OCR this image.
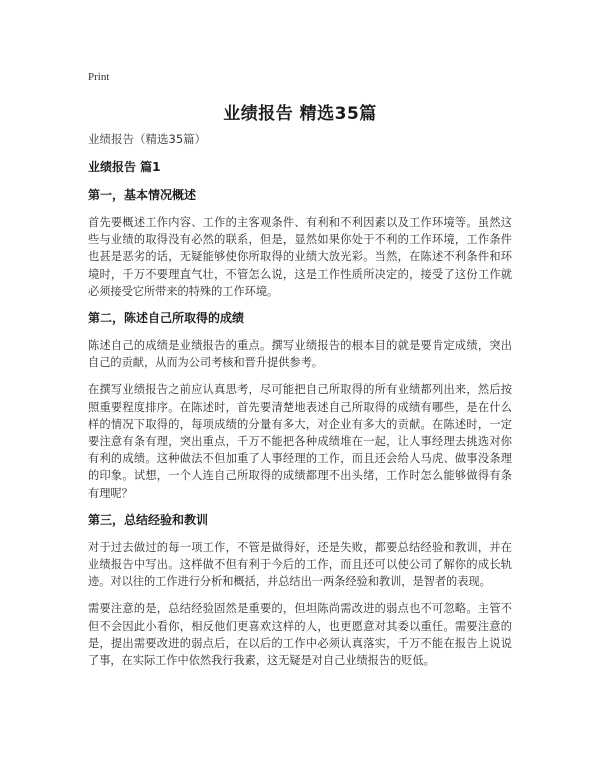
Print
业绩报告 精选35篇
业绩报告（精选35篇）
业绩报告 篇1
第一，基本情况概述

首先要概述工作内容、工作的主客观条件、有利和不利因素以及工作环境等。虽然这些与业绩的取得没有必然的联系，但是，显然如果你处于不利的工作环境，工作条件也甚是恶劣的话，无疑能够使你所取得的业绩大放光彩。当然，在陈述不利条件和环境时，千万不要理直气壮，不管怎么说，这是工作性质所决定的，接受了这份工作就必须接受它所带来的特殊的工作环境。

第二，陈述自己所取得的成绩

陈述自己的成绩是业绩报告的重点。撰写业绩报告的根本目的就是要肯定成绩，突出自己的贡献，从而为公司考核和晋升提供参考。

在撰写业绩报告之前应认真思考，尽可能把自己所取得的所有业绩都列出来，然后按照重要程度排序。在陈述时，首先要清楚地表述自己所取得的成绩有哪些，是在什么样的情况下取得的，每项成绩的分量有多大，对企业有多大的贡献。在陈述时，一定要注意有条有理，突出重点，千万不能把各种成绩堆在一起，让人事经理去挑选对你有利的成绩。这种做法不但加重了人事经理的工作，而且还会给人马虎、做事没条理的印象。试想，一个人连自己所取得的成绩都理不出头绪，工作时怎么能够做得有条有理呢？

第三，总结经验和教训

对于过去做过的每一项工作，不管是做得好，还是失败，都要总结经验和教训，并在业绩报告中写出。这样做不但有利于今后的工作，而且还可以使公司了解你的成长轨迹。对以往的工作进行分析和概括，并总结出一两条经验和教训，是智者的表现。

需要注意的是，总结经验固然是重要的，但坦陈尚需改进的弱点也不可忽略。主管不但不会因此小看你，相反他们更喜欢这样的人，也更愿意对其委以重任。需要注意的是，提出需要改进的弱点后，在以后的工作中必须认真落实，千万不能在报告上说说了事，在实际工作中依然我行我素，这无疑是对自己业绩报告的贬低。
